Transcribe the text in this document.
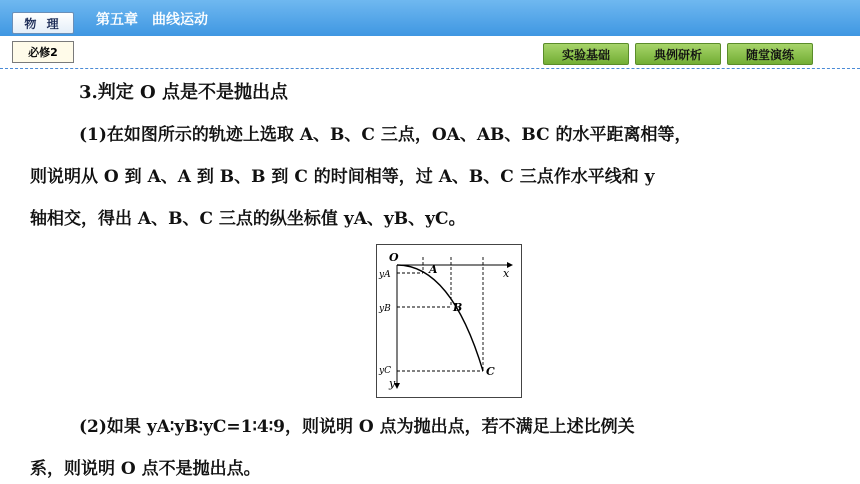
物 理	第五章　曲线运动
必修2	实验基础	典例研析	随堂演练
3.判定 O 点是不是抛出点
(1)在如图所示的轨迹上选取 A、B、C 三点，OA、AB、BC 的水平距离相等，
则说明从 O 到 A、A 到 B、B 到 C 的时间相等，过 A、B、C 三点作水平线和 y
轴相交，得出 A、B、C 三点的纵坐标值 yA、yB、yC。
O
x
y
A
B
C
yA
yB
yC
(2)如果 yA∶yB∶yC=1∶4∶9，则说明 O 点为抛出点，若不满足上述比例关
系，则说明 O 点不是抛出点。
